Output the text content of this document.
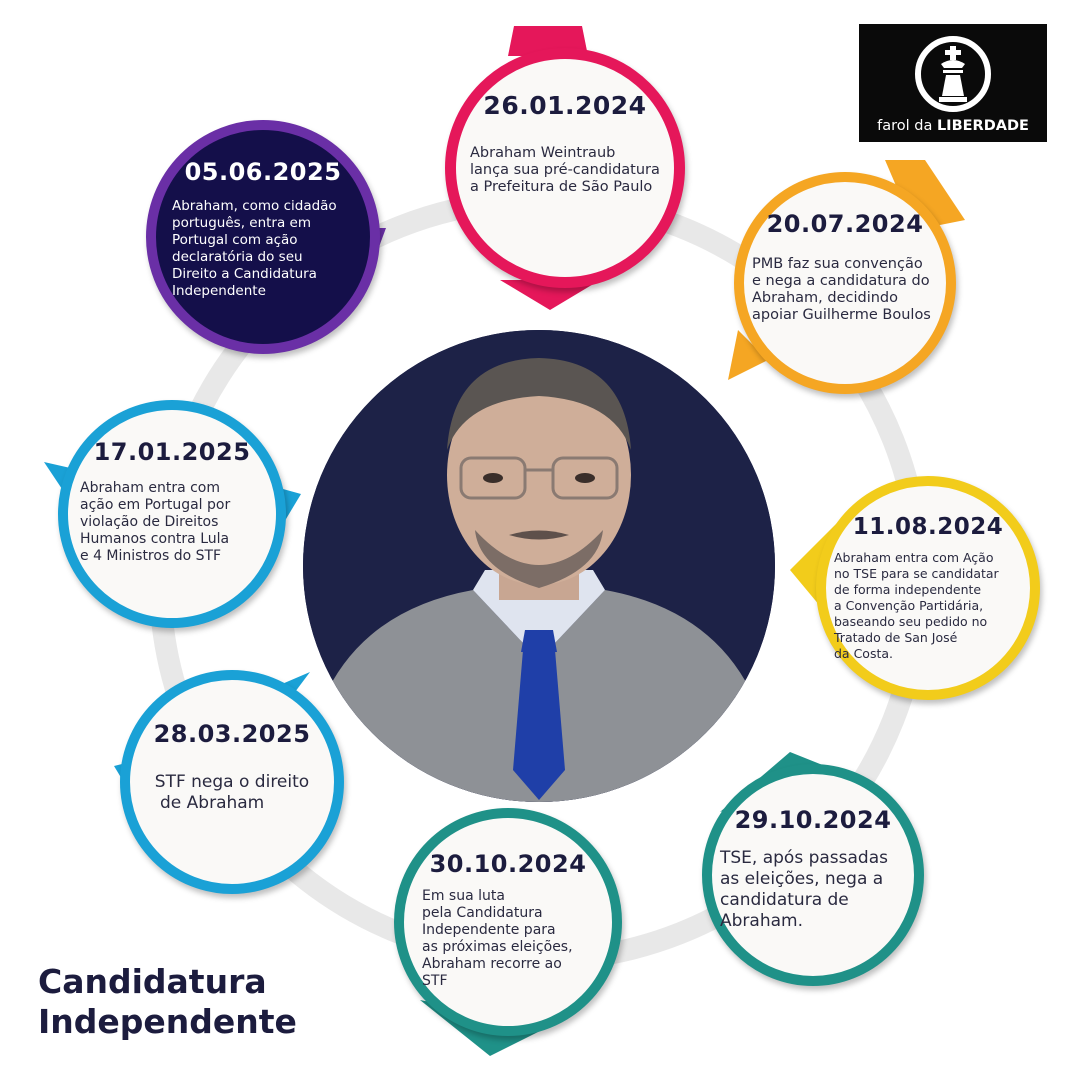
26.01.2024
Abraham Weintraub
lança sua pré-candidatura
a Prefeitura de São Paulo
20.07.2024
PMB faz sua convenção
e nega a candidatura do
Abraham, decidindo
apoiar Guilherme Boulos
11.08.2024
Abraham entra com Ação
no TSE para se candidatar
de forma independente
a Convenção Partidária,
baseando seu pedido no
Tratado de San José
da Costa.
29.10.2024
TSE, após passadas
as eleições, nega a
candidatura de
Abraham.
30.10.2024
Em sua luta
pela Candidatura
Independente para
as próximas eleições,
Abraham recorre ao
STF
28.03.2025
STF nega o direito
de Abraham
17.01.2025
Abraham entra com
ação em Portugal por
violação de Direitos
Humanos contra Lula
e 4 Ministros do STF
05.06.2025
Abraham, como cidadão
português, entra em
Portugal com ação
declaratória do seu
Direito a Candidatura
Independente
farol da LIBERDADE
Candidatura
Independente
